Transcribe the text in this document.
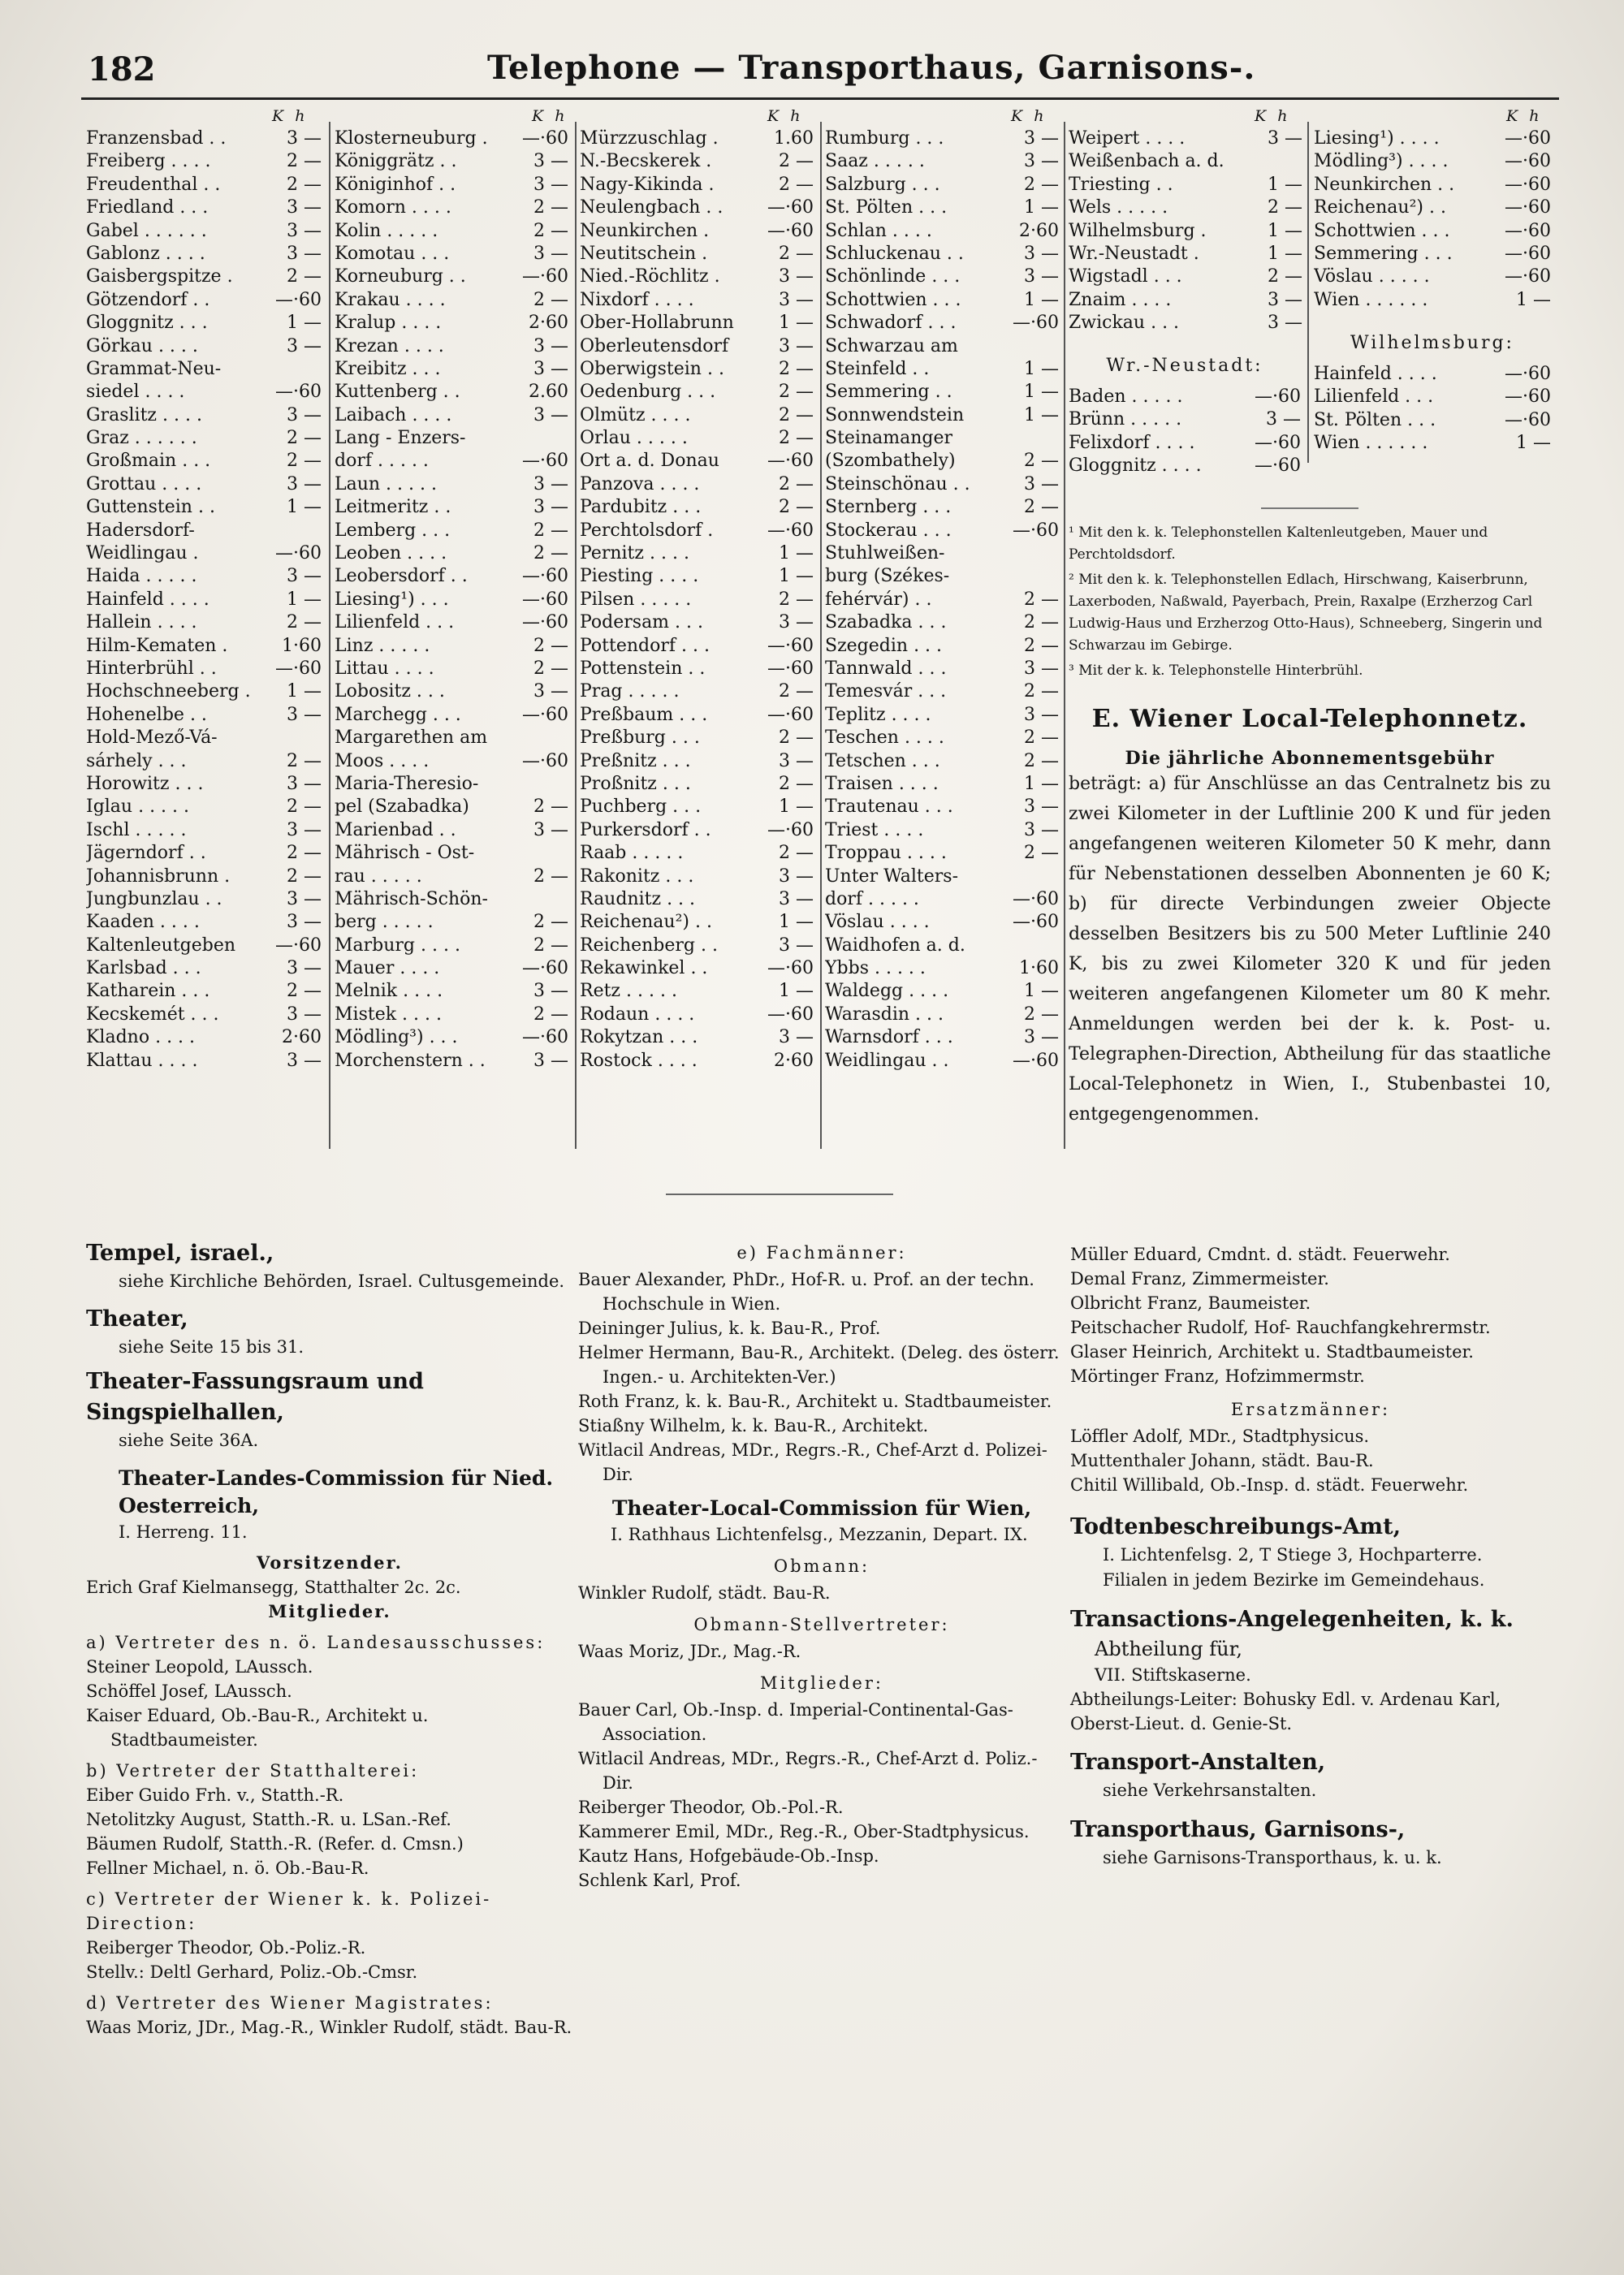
182	Telephone — Transporthaus, Garnisons-.
K h	K h	K h	K h	K h	K h
Franzensbad . .	3 —
Freiberg . . . .	2 —
Freudenthal . .	2 —
Friedland . . .	3 —
Gabel . . . . . .	3 —
Gablonz . . . .	3 —
Gaisbergspitze .	2 —
Götzendorf . .	—·60
Gloggnitz . . .	1 —
Görkau . . . .	3 —
Grammat-Neu-
siedel . . . .	—·60
Graslitz . . . .	3 —
Graz . . . . . .	2 —
Großmain . . .	2 —
Grottau . . . .	3 —
Guttenstein . .	1 —
Hadersdorf-
Weidlingau .	—·60
Haida . . . . .	3 —
Hainfeld . . . .	1 —
Hallein . . . .	2 —
Hilm-Kematen .	1·60
Hinterbrühl . .	—·60
Hochschneeberg .	1 —
Hohenelbe . .	3 —
Hold-Mező-Vá-
sárhely . . .	2 —
Horowitz . . .	3 —
Iglau . . . . .	2 —
Ischl . . . . .	3 —
Jägerndorf . .	2 —
Johannisbrunn .	2 —
Jungbunzlau . .	3 —
Kaaden . . . .	3 —
Kaltenleutgeben	—·60
Karlsbad . . .	3 —
Katharein . . .	2 —
Kecskemét . . .	3 —
Kladno . . . .	2·60
Klattau . . . .	3 —
Klosterneuburg .	—·60
Königgrätz . .	3 —
Königinhof . .	3 —
Komorn . . . .	2 —
Kolin . . . . .	2 —
Komotau . . .	3 —
Korneuburg . .	—·60
Krakau . . . .	2 —
Kralup . . . .	2·60
Krezan . . . .	3 —
Kreibitz . . .	3 —
Kuttenberg . .	2.60
Laibach . . . .	3 —
Lang - Enzers-
dorf . . . . .	—·60
Laun . . . . .	3 —
Leitmeritz . .	3 —
Lemberg . . .	2 —
Leoben . . . .	2 —
Leobersdorf . .	—·60
Liesing¹) . . .	—·60
Lilienfeld . . .	—·60
Linz . . . . .	2 —
Littau . . . .	2 —
Lobositz . . .	3 —
Marchegg . . .	—·60
Margarethen am
Moos . . . .	—·60
Maria-Theresio-
pel (Szabadka)	2 —
Marienbad . .	3 —
Mährisch - Ost-
rau . . . . .	2 —
Mährisch-Schön-
berg . . . . .	2 —
Marburg . . . .	2 —
Mauer . . . .	—·60
Melnik . . . .	3 —
Mistek . . . .	2 —
Mödling³) . . .	—·60
Morchenstern . .	3 —
Mürzzuschlag .	1.60
N.-Becskerek .	2 —
Nagy-Kikinda .	2 —
Neulengbach . .	—·60
Neunkirchen .	—·60
Neutitschein .	2 —
Nied.-Röchlitz .	3 —
Nixdorf . . . .	3 —
Ober-Hollabrunn	1 —
Oberleutensdorf	3 —
Oberwigstein . .	2 —
Oedenburg . . .	2 —
Olmütz . . . .	2 —
Orlau . . . . .	2 —
Ort a. d. Donau	—·60
Panzova . . . .	2 —
Pardubitz . . .	2 —
Perchtolsdorf .	—·60
Pernitz . . . .	1 —
Piesting . . . .	1 —
Pilsen . . . . .	2 —
Podersam . . .	3 —
Pottendorf . . .	—·60
Pottenstein . .	—·60
Prag . . . . .	2 —
Preßbaum . . .	—·60
Preßburg . . .	2 —
Preßnitz . . .	3 —
Proßnitz . . .	2 —
Puchberg . . .	1 —
Purkersdorf . .	—·60
Raab . . . . .	2 —
Rakonitz . . .	3 —
Raudnitz . . .	3 —
Reichenau²) . .	1 —
Reichenberg . .	3 —
Rekawinkel . .	—·60
Retz . . . . .	1 —
Rodaun . . . .	—·60
Rokytzan . . .	3 —
Rostock . . . .	2·60
Rumburg . . .	3 —
Saaz . . . . .	3 —
Salzburg . . .	2 —
St. Pölten . . .	1 —
Schlan . . . .	2·60
Schluckenau . .	3 —
Schönlinde . . .	3 —
Schottwien . . .	1 —
Schwadorf . . .	—·60
Schwarzau am
Steinfeld . .	1 —
Semmering . .	1 —
Sonnwendstein	1 —
Steinamanger
(Szombathely)	2 —
Steinschönau . .	3 —
Sternberg . . .	2 —
Stockerau . . .	—·60
Stuhlweißen-
burg (Székes-
fehérvár) . .	2 —
Szabadka . . .	2 —
Szegedin . . .	2 —
Tannwald . . .	3 —
Temesvár . . .	2 —
Teplitz . . . .	3 —
Teschen . . . .	2 —
Tetschen . . .	2 —
Traisen . . . .	1 —
Trautenau . . .	3 —
Triest . . . .	3 —
Troppau . . . .	2 —
Unter Walters-
dorf . . . . .	—·60
Vöslau . . . .	—·60
Waidhofen a. d.
Ybbs . . . . .	1·60
Waldegg . . . .	1 —
Warasdin . . .	2 —
Warnsdorf . . .	3 —
Weidlingau . .	—·60
Weipert . . . .	3 —
Weißenbach a. d.
Triesting . .	1 —
Wels . . . . .	2 —
Wilhelmsburg .	1 —
Wr.-Neustadt .	1 —
Wigstadl . . .	2 —
Znaim . . . .	3 —
Zwickau . . .	3 —
Liesing¹) . . . .	—·60
Mödling³) . . . .	—·60
Neunkirchen . .	—·60
Reichenau²) . .	—·60
Schottwien . . .	—·60
Semmering . . .	—·60
Vöslau . . . . .	—·60
Wien . . . . . .	1 —
Wilhelmsburg:
Hainfeld . . . .	—·60
Lilienfeld . . .	—·60
St. Pölten . . .	—·60
Wien . . . . . .	1 —
Wr.-Neustadt:
Baden . . . . .	—·60
Brünn . . . . .	3 —
Felixdorf . . . .	—·60
Gloggnitz . . . .	—·60
¹ Mit den k. k. Telephonstellen Kaltenleutgeben, Mauer und Perchtoldsdorf.
² Mit den k. k. Telephonstellen Edlach, Hirschwang, Kaiserbrunn, Laxerboden, Naßwald, Payerbach, Prein, Raxalpe (Erzherzog Carl Ludwig-Haus und Erzherzog Otto-Haus), Schneeberg, Singerin und Schwarzau im Gebirge.
³ Mit der k. k. Telephonstelle Hinterbrühl.
E. Wiener Local-Telephonnetz.
Die jährliche Abonnementsgebühr
beträgt: a) für Anschlüsse an das Centralnetz bis zu zwei Kilometer in der Luftlinie 200 K und für jeden angefangenen weiteren Kilometer 50 K mehr, dann für Nebenstationen desselben Abonnenten je 60 K; b) für directe Verbindungen zweier Objecte desselben Besitzers bis zu 500 Meter Luftlinie 240 K, bis zu zwei Kilometer 320 K und für jeden weiteren angefangenen Kilometer um 80 K mehr. Anmeldungen werden bei der k. k. Post- u. Telegraphen-Direction, Abtheilung für das staatliche Local-Telephonetz in Wien, I., Stubenbastei 10, entgegengenommen.
Tempel, israel.,
siehe Kirchliche Behörden, Israel. Cultusgemeinde.
Theater,
siehe Seite 15 bis 31.
Theater-Fassungsraum und Singspielhallen,
siehe Seite 36A.
Theater-Landes-Commission für Nied. Oesterreich,
I. Herreng. 11.
Vorsitzender.
Erich Graf Kielmansegg, Statthalter 2c. 2c.
Mitglieder.
a) Vertreter des n. ö. Landesausschusses:
Steiner Leopold, LAussch.
Schöffel Josef, LAussch.
Kaiser Eduard, Ob.-Bau-R., Architekt u. Stadtbaumeister.
b) Vertreter der Statthalterei:
Eiber Guido Frh. v., Statth.-R.
Netolitzky August, Statth.-R. u. LSan.-Ref.
Bäumen Rudolf, Statth.-R. (Refer. d. Cmsn.)
Fellner Michael, n. ö. Ob.-Bau-R.
c) Vertreter der Wiener k. k. Polizei-Direction:
Reiberger Theodor, Ob.-Poliz.-R.
Stellv.: Deltl Gerhard, Poliz.-Ob.-Cmsr.
d) Vertreter des Wiener Magistrates:
Waas Moriz, JDr., Mag.-R., Winkler Rudolf, städt. Bau-R.
e) Fachmänner:
Bauer Alexander, PhDr., Hof-R. u. Prof. an der techn. Hochschule in Wien.
Deininger Julius, k. k. Bau-R., Prof.
Helmer Hermann, Bau-R., Architekt. (Deleg. des österr. Ingen.- u. Architekten-Ver.)
Roth Franz, k. k. Bau-R., Architekt u. Stadtbaumeister.
Stiaßny Wilhelm, k. k. Bau-R., Architekt.
Witlacil Andreas, MDr., Regrs.-R., Chef-Arzt d. Polizei-Dir.
Theater-Local-Commission für Wien,
I. Rathhaus Lichtenfelsg., Mezzanin, Depart. IX.
Obmann:
Winkler Rudolf, städt. Bau-R.
Obmann-Stellvertreter:
Waas Moriz, JDr., Mag.-R.
Mitglieder:
Bauer Carl, Ob.-Insp. d. Imperial-Continental-Gas-Association.
Witlacil Andreas, MDr., Regrs.-R., Chef-Arzt d. Poliz.-Dir.
Reiberger Theodor, Ob.-Pol.-R.
Kammerer Emil, MDr., Reg.-R., Ober-Stadtphysicus.
Kautz Hans, Hofgebäude-Ob.-Insp.
Schlenk Karl, Prof.
Müller Eduard, Cmdnt. d. städt. Feuerwehr.
Demal Franz, Zimmermeister.
Olbricht Franz, Baumeister.
Peitschacher Rudolf, Hof- Rauchfangkehrermstr.
Glaser Heinrich, Architekt u. Stadtbaumeister.
Mörtinger Franz, Hofzimmermstr.
Ersatzmänner:
Löffler Adolf, MDr., Stadtphysicus.
Muttenthaler Johann, städt. Bau-R.
Chitil Willibald, Ob.-Insp. d. städt. Feuerwehr.
Todtenbeschreibungs-Amt,
I. Lichtenfelsg. 2, T Stiege 3, Hochparterre. Filialen in jedem Bezirke im Gemeindehaus.
Transactions-Angelegenheiten, k. k.
Abtheilung für,
VII. Stiftskaserne.
Abtheilungs-Leiter: Bohusky Edl. v. Ardenau Karl, Oberst-Lieut. d. Genie-St.
Transport-Anstalten,
siehe Verkehrsanstalten.
Transporthaus, Garnisons-,
siehe Garnisons-Transporthaus, k. u. k.
